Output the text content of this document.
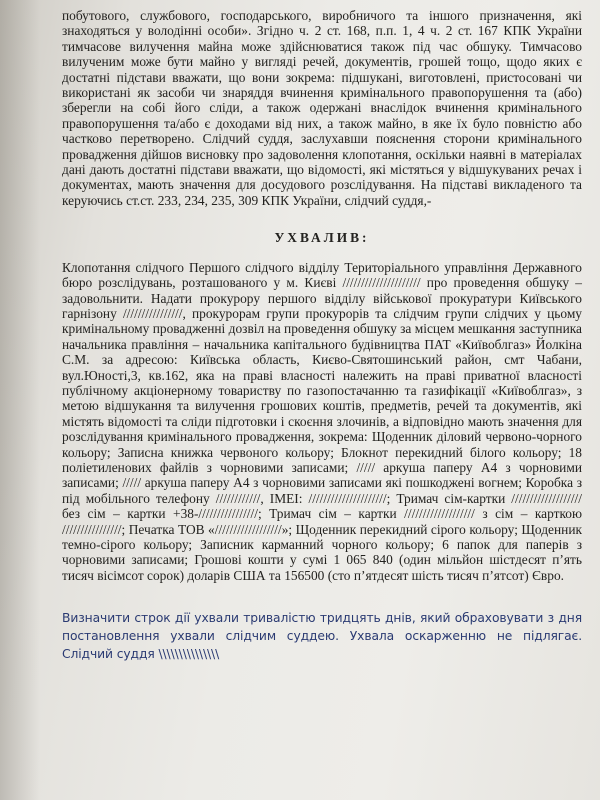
побутового, службового, господарського, виробничого та іншого призначення, які знаходяться у володінні особи». Згідно ч. 2 ст. 168, п.п. 1, 4 ч. 2 ст. 167 КПК України тимчасове вилучення майна може здійснюватися також під час обшуку. Тимчасово вилученим може бути майно у вигляді речей, документів, грошей тощо, щодо яких є достатні підстави вважати, що вони зокрема: підшукані, виготовлені, пристосовані чи використані як засоби чи знаряддя вчинення кримінального правопорушення та (або) зберегли на собі його сліди, а також одержані внаслідок вчинення кримінального правопорушення та/або є доходами від них, а також майно, в яке їх було повністю або частково перетворено. Слідчий суддя, заслухавши пояснення сторони кримінального провадження дійшов висновку про задоволення клопотання, оскільки наявні в матеріалах дані дають достатні підстави вважати, що відомості, які містяться у відшукуваних речах і документах, мають значення для досудового розслідування. На підставі викладеного та керуючись ст.ст. 233, 234, 235, 309 КПК України, слідчий суддя,-

УХВАЛИВ:

Клопотання слідчого Першого слідчого відділу Територіального управління Державного бюро розслідувань, розташованого у м. Києві ///////////////////// про проведення обшуку – задовольнити. Надати прокурору першого відділу військової прокуратури Київського гарнізону ////////////////, прокурорам групи прокурорів та слідчим групи слідчих у цьому кримінальному провадженні дозвіл на проведення обшуку за місцем мешкання заступника начальника правління – начальника капітального будівництва ПАТ «Київоблгаз» Йолкіна С.М. за адресою: Київська область, Києво-Святошинський район, смт Чабани, вул.Юності,3, кв.162, яка на праві власності належить на праві приватної власності публічному акціонерному товариству по газопостачанню та газифікації «Київоблгаз», з метою відшукання та вилучення грошових коштів, предметів, речей та документів, які містять відомості та сліди підготовки і скоєння злочинів, а відповідно мають значення для розслідування кримінального провадження, зокрема: Щоденник діловий червоно-чорного кольору; Записна книжка червоного кольору; Блокнот перекидний білого кольору; 18 поліетиленових файлів з чорновими записами; ///// аркуша паперу А4 з чорновими записами; ///// аркуша паперу А4 з чорновими записами які пошкоджені вогнем; Коробка з під мобільного телефону ////////////, IMEI: /////////////////////; Тримач сім-картки /////////////////// без сім – картки +38-////////////////; Тримач сім – картки /////////////////// з сім – карткою ////////////////; Печатка ТОВ «//////////////////»; Щоденник перекидний сірого кольору; Щоденник темно-сірого кольору; Записник карманний чорного кольору; 6 папок для паперів з чорновими записами; Грошові кошти у сумі 1 065 840 (один мільйон шістдесят п’ять тисяч вісімсот сорок) доларів США та 156500 (сто п’ятдесят шість тисяч п’ятсот) Євро.

Визначити строк дії ухвали тривалістю тридцять днів, який обраховувати з дня постановлення ухвали слідчим суддею. Ухвала оскарженню не підлягає. Слідчий суддя \\\\\\\\\\\\\\\
